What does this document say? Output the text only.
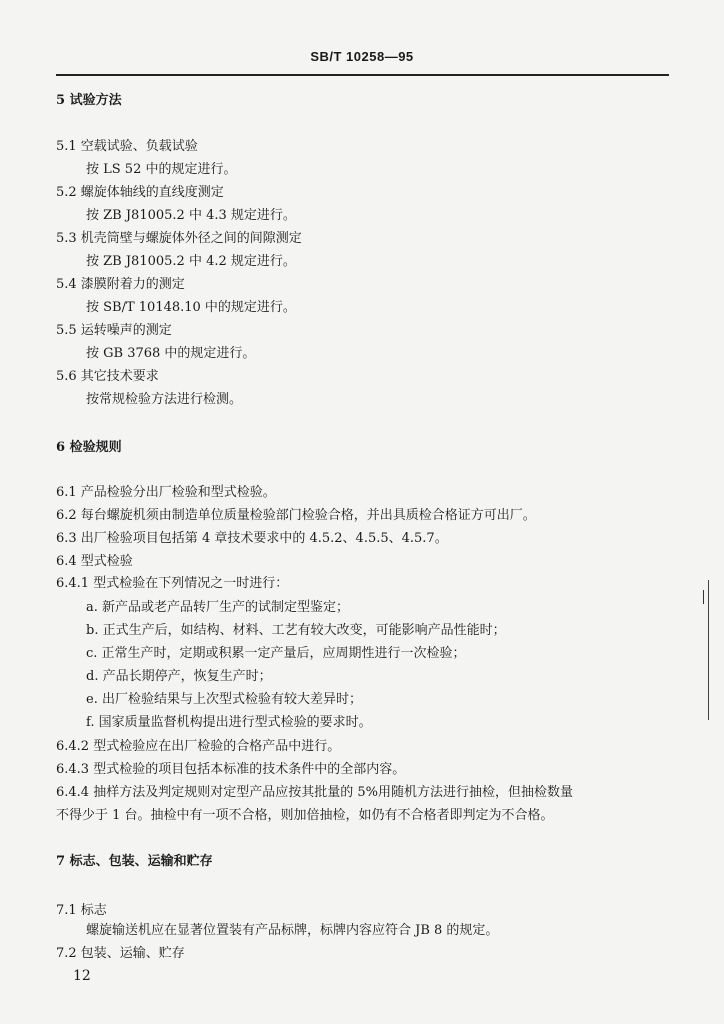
SB/T 10258—95
5 试验方法
5.1 空载试验、负载试验
按 LS 52 中的规定进行。
5.2 螺旋体轴线的直线度测定
按 ZB J81005.2 中 4.3 规定进行。
5.3 机壳筒壁与螺旋体外径之间的间隙测定
按 ZB J81005.2 中 4.2 规定进行。
5.4 漆膜附着力的测定
按 SB/T 10148.10 中的规定进行。
5.5 运转噪声的测定
按 GB 3768 中的规定进行。
5.6 其它技术要求
按常规检验方法进行检测。
6 检验规则
6.1 产品检验分出厂检验和型式检验。
6.2 每台螺旋机须由制造单位质量检验部门检验合格，并出具质检合格证方可出厂。
6.3 出厂检验项目包括第 4 章技术要求中的 4.5.2、4.5.5、4.5.7。
6.4 型式检验
6.4.1 型式检验在下列情况之一时进行：
a. 新产品或老产品转厂生产的试制定型鉴定；
b. 正式生产后，如结构、材料、工艺有较大改变，可能影响产品性能时；
c. 正常生产时，定期或积累一定产量后，应周期性进行一次检验；
d. 产品长期停产，恢复生产时；
e. 出厂检验结果与上次型式检验有较大差异时；
f. 国家质量监督机构提出进行型式检验的要求时。
6.4.2 型式检验应在出厂检验的合格产品中进行。
6.4.3 型式检验的项目包括本标准的技术条件中的全部内容。
6.4.4 抽样方法及判定规则对定型产品应按其批量的 5%用随机方法进行抽检，但抽检数量
不得少于 1 台。抽检中有一项不合格，则加倍抽检，如仍有不合格者即判定为不合格。
7 标志、包装、运输和贮存
7.1 标志
螺旋输送机应在显著位置装有产品标牌，标牌内容应符合 JB 8 的规定。
7.2 包装、运输、贮存
12
